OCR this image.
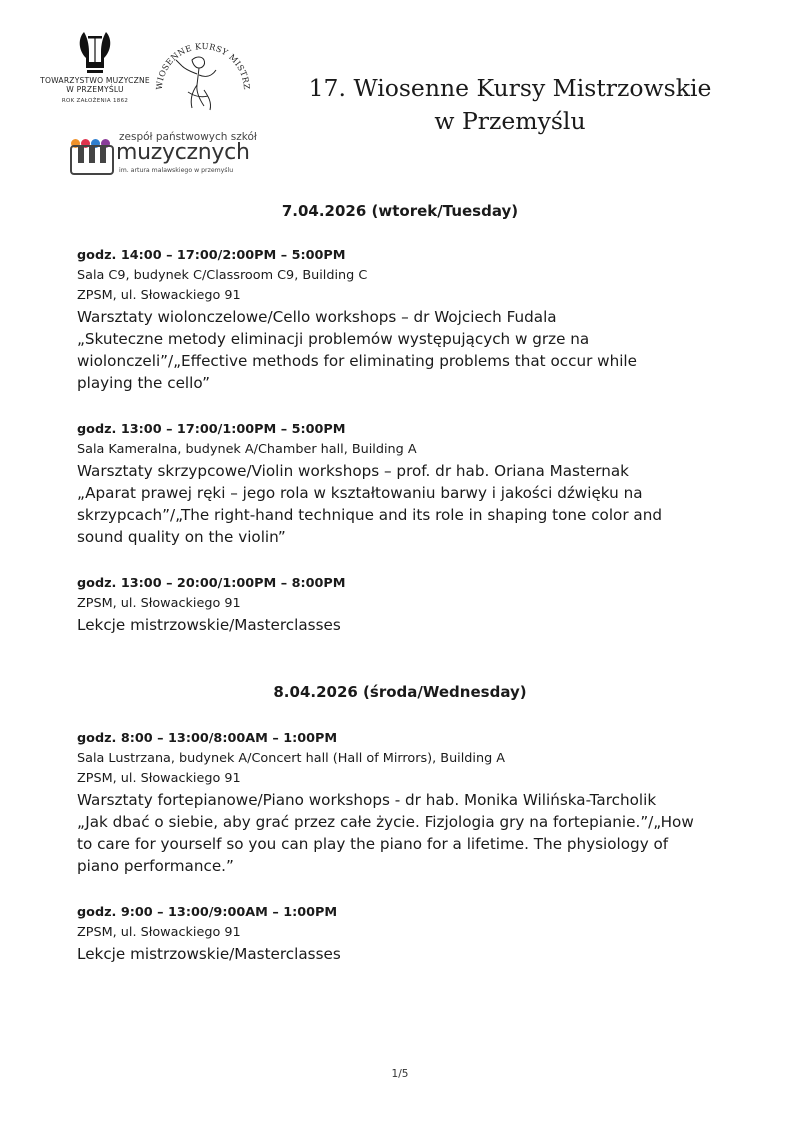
TOWARZYSTWO MUZYCZNE
W PRZEMYŚLU
ROK ZAŁOŻENIA 1862
WIOSENNE KURSY MISTRZ
zespół państwowych szkół
muzycznych
im. artura malawskiego w przemyślu
17. Wiosenne Kursy Mistrzowskie
w Przemyślu
7.04.2026 (wtorek/Tuesday)
godz. 14:00 – 17:00/2:00PM – 5:00PM
Sala C9, budynek C/Classroom C9, Building C
ZPSM, ul. Słowackiego 91
Warsztaty wiolonczelowe/Cello workshops – dr Wojciech Fudala
„Skuteczne metody eliminacji problemów występujących w grze na
wiolonczeli”/„Effective methods for eliminating problems that occur while
playing the cello”
godz. 13:00 – 17:00/1:00PM – 5:00PM
Sala Kameralna, budynek A/Chamber hall, Building A
Warsztaty skrzypcowe/Violin workshops – prof. dr hab. Oriana Masternak
„Aparat prawej ręki – jego rola w kształtowaniu barwy i jakości dźwięku na
skrzypcach”/„The right-hand technique and its role in shaping tone color and
sound quality on the violin”
godz. 13:00 – 20:00/1:00PM – 8:00PM
ZPSM, ul. Słowackiego 91
Lekcje mistrzowskie/Masterclasses
8.04.2026 (środa/Wednesday)
godz. 8:00 – 13:00/8:00AM – 1:00PM
Sala Lustrzana, budynek A/Concert hall (Hall of Mirrors), Building A
ZPSM, ul. Słowackiego 91
Warsztaty fortepianowe/Piano workshops - dr hab. Monika Wilińska-Tarcholik
„Jak dbać o siebie, aby grać przez całe życie. Fizjologia gry na fortepianie.”/„How
to care for yourself so you can play the piano for a lifetime. The physiology of
piano performance.”
godz. 9:00 – 13:00/9:00AM – 1:00PM
ZPSM, ul. Słowackiego 91
Lekcje mistrzowskie/Masterclasses
1/5
